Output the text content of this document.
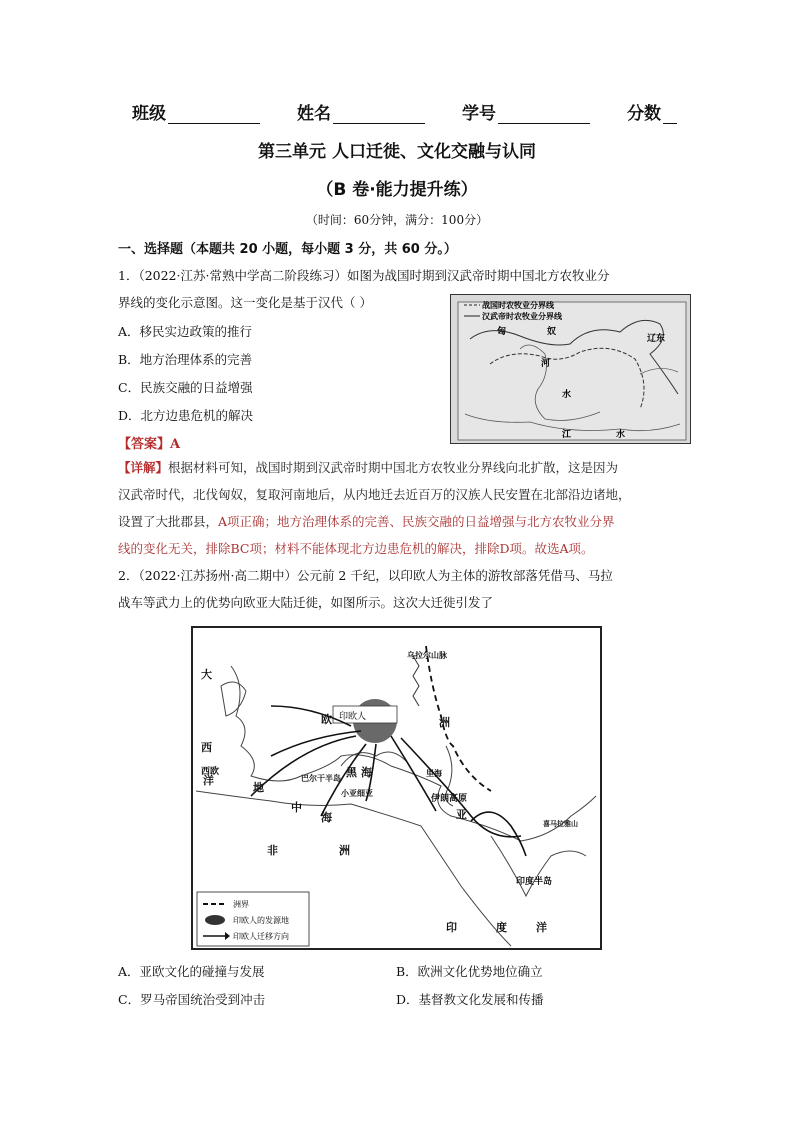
班级	姓名	学号	分数
第三单元 人口迁徙、文化交融与认同
（B 卷·能力提升练）
（时间：60分钟，满分：100分）
一、选择题（本题共 20 小题，每小题 3 分，共 60 分。）
1．（2022·江苏·常熟中学高二阶段练习）如图为战国时期到汉武帝时期中国北方农牧业分
界线的变化示意图。这一变化是基于汉代（ ）
A．移民实边政策的推行
B．地方治理体系的完善
C．民族交融的日益增强
D．北方边患危机的解决
战国时农牧业分界线
汉武帝时农牧业分界线
匈	奴
河
水
江	水
辽东
【答案】A
【详解】根据材料可知，战国时期到汉武帝时期中国北方农牧业分界线向北扩散，这是因为
汉武帝时代，北伐匈奴，复取河南地后，从内地迁去近百万的汉族人民安置在北部沿边诸地，
设置了大批郡县，A项正确；地方治理体系的完善、民族交融的日益增强与北方农牧业分界
线的变化无关，排除BC项；材料不能体现北方边患危机的解决，排除D项。故选A项。
2．（2022·江苏扬州·高二期中）公元前 2 千纪，以印欧人为主体的游牧部落凭借马、马拉
战车等武力上的优势向欧亚大陆迁徙，如图所示。这次大迁徙引发了
印欧人
大
西
洋
欧	洲
西欧
巴尔干半岛 黑 海
小亚细亚
地
中
海
伊朗高原
非	洲
亚
印度半岛
喜马拉雅山
印	度	洋
乌拉尔山脉
里海
洲界
印欧人的发源地
印欧人迁移方向
A．亚欧文化的碰撞与发展	B．欧洲文化优势地位确立
C．罗马帝国统治受到冲击	D．基督教文化发展和传播
